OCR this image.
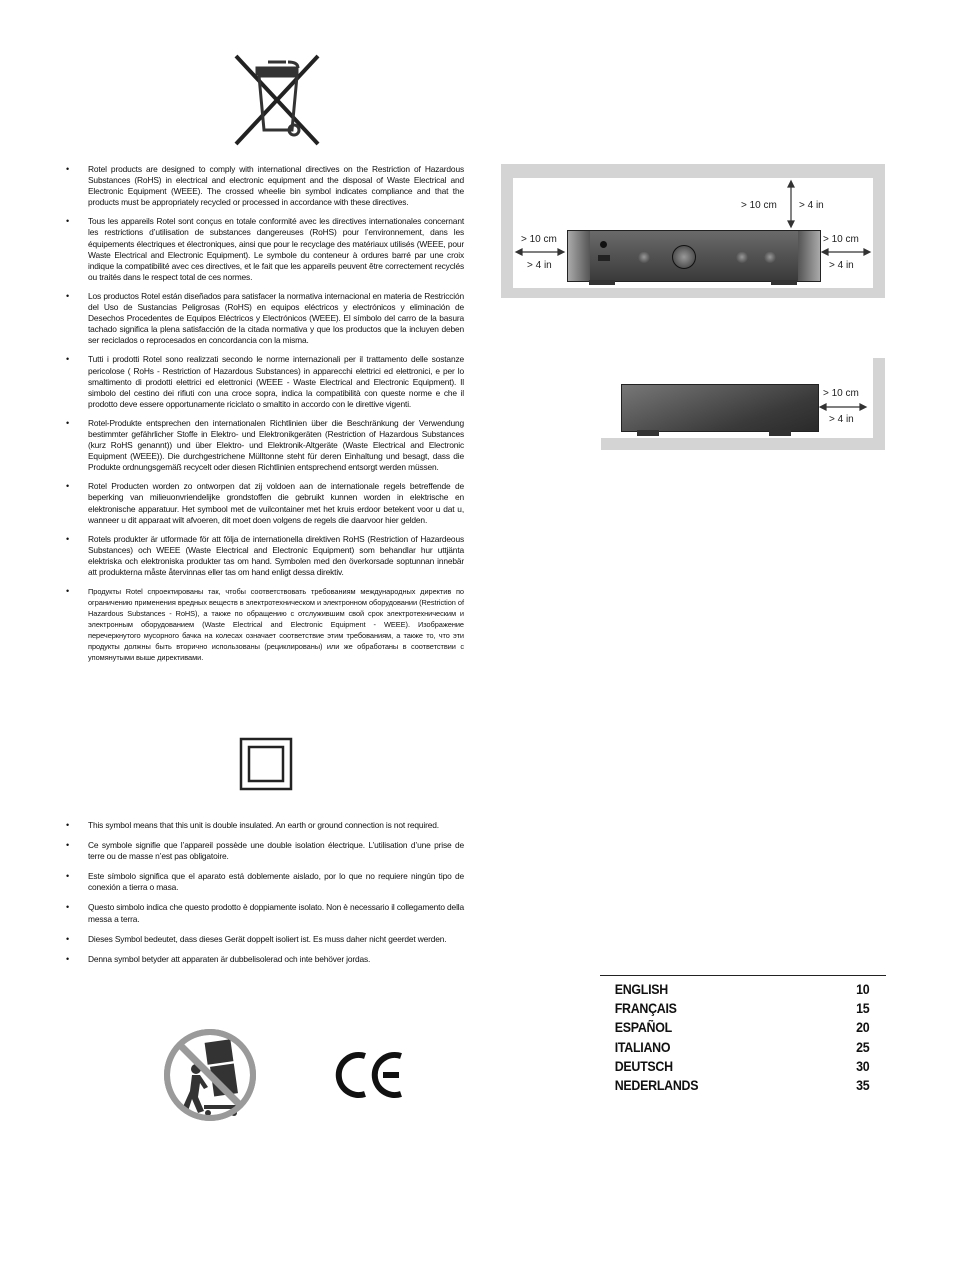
• Rotel products are designed to comply with international directives on the Restriction of Hazardous Substances (RoHS) in electrical and electronic equipment and the disposal of Waste Electrical and Electronic Equipment (WEEE). The crossed wheelie bin symbol indicates compliance and that the products must be appropriately recycled or processed in accordance with these directives.
• Tous les appareils Rotel sont conçus en totale conformité avec les directives internationales concernant les restrictions d’utilisation de substances dangereuses (RoHS) pour l’environnement, dans les équipements électriques et électroniques, ainsi que pour le recyclage des matériaux utilisés (WEEE, pour Waste Electrical and Electronic Equipment). Le symbole du conteneur à ordures barré par une croix indique la compatibilité avec ces directives, et le fait que les appareils peuvent être correctement recyclés ou traités dans le respect total de ces normes.
• Los productos Rotel están diseñados para satisfacer la normativa internacional en materia de Restricción del Uso de Sustancias Peligrosas (RoHS) en equipos eléctricos y electrónicos y eliminación de Desechos Procedentes de Equipos Eléctricos y Electrónicos (WEEE). El símbolo del carro de la basura tachado significa la plena satisfacción de la citada normativa y que los productos que la incluyen deben ser reciclados o reprocesados en concordancia con la misma.
• Tutti i prodotti Rotel sono realizzati secondo le norme internazionali per il trattamento delle sostanze pericolose ( RoHs - Restriction of Hazardous Substances) in apparecchi elettrici ed elettronici, e per lo smaltimento di prodotti elettrici ed elettronici (WEEE - Waste Electrical and Electronic Equipment). Il simbolo del cestino dei rifiuti con una croce sopra, indica la compatibilità con queste norme e che il prodotto deve essere opportunamente riciclato o smaltito in accordo con le direttive vigenti.
• Rotel-Produkte entsprechen den internationalen Richtlinien über die Beschränkung der Verwendung bestimmter gefährlicher Stoffe in Elektro- und Elektronikgeräten (Restriction of Hazardous Substances (kurz RoHS genannt)) und über Elektro- und Elektronik-Altgeräte (Waste Electrical and Electronic Equipment (WEEE)). Die durchgestrichene Mülltonne steht für deren Einhaltung und besagt, dass die Produkte ordnungsgemäß recycelt oder diesen Richtlinien entsprechend entsorgt werden müssen.
• Rotel Producten worden zo ontworpen dat zij voldoen aan de internationale regels betreffende de beperking van milieuonvriendelijke grondstoffen die gebruikt kunnen worden in elektrische en elektronische apparatuur. Het symbool met de vuilcontainer met het kruis erdoor betekent voor u dat u, wanneer u dit apparaat wilt afvoeren, dit moet doen volgens de regels die daarvoor hier gelden.
• Rotels produkter är utformade för att följa de internationella direktiven RoHS (Restriction of Hazardeous Substances) och WEEE (Waste Electrical and Electronic Equipment) som behandlar hur uttjänta elektriska och elektroniska produkter tas om hand. Symbolen med den överkorsade soptunnan innebär att produkterna måste återvinnas eller tas om hand enligt dessa direktiv.
• Продукты Rotel спроектированы так, чтобы соответствовать требованиям международных директив по ограничению применения вредных веществ в электротехническом и электронном оборудовании (Restriction of Hazardous Substances - RoHS), а также по обращению с отслужившим свой срок электротехническим и электронным оборудованием (Waste Electrical and Electronic Equipment - WEEE). Изображение перечеркнутого мусорного бачка на колесах означает соответствие этим требованиям, а также то, что эти продукты должны быть вторично использованы (рециклированы) или же обработаны в соответствии с упомянутыми выше директивами.
• This symbol means that this unit is double insulated. An earth or ground connection is not required.
• Ce symbole signifie que l’appareil possède une double isolation électrique. L’utilisation d’une prise de terre ou de masse n’est pas obligatoire.
• Este símbolo significa que el aparato está doblemente aislado, por lo que no requiere ningún tipo de conexión a tierra o masa.
• Questo simbolo indica che questo prodotto è doppiamente isolato. Non è necessario il collegamento della messa a terra.
• Dieses Symbol bedeutet, dass dieses Gerät doppelt isoliert ist. Es muss daher nicht geerdet werden.
• Denna symbol betyder att apparaten är dubbelisolerad och inte behöver jordas.
> 10 cm > 4 in
> 10 cm
> 4 in
> 10 cm
> 4 in
> 10 cm
> 4 in
ENGLISH	10
FRANÇAIS	15
ESPAÑOL	20
ITALIANO	25
DEUTSCH	30
NEDERLANDS	35
